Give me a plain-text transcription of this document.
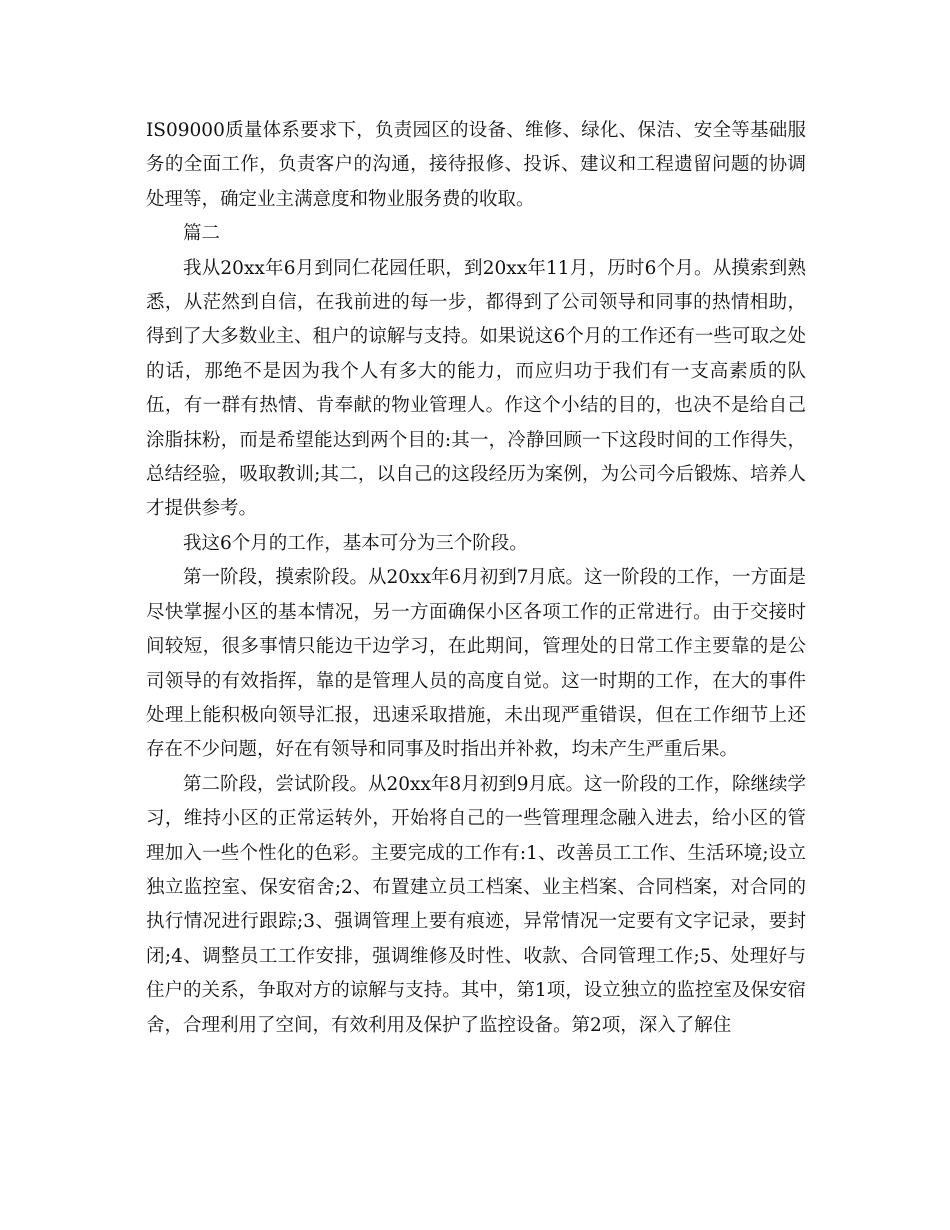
IS09000质量体系要求下，负责园区的设备、维修、绿化、保洁、安全等基础服务的全面工作，负责客户的沟通，接待报修、投诉、建议和工程遗留问题的协调处理等，确定业主满意度和物业服务费的收取。

篇二

我从20xx年6月到同仁花园任职，到20xx年11月，历时6个月。从摸索到熟悉，从茫然到自信，在我前进的每一步，都得到了公司领导和同事的热情相助，得到了大多数业主、租户的谅解与支持。如果说这6个月的工作还有一些可取之处的话，那绝不是因为我个人有多大的能力，而应归功于我们有一支高素质的队伍，有一群有热情、肯奉献的物业管理人。作这个小结的目的，也决不是给自己涂脂抹粉，而是希望能达到两个目的:其一，冷静回顾一下这段时间的工作得失，总结经验，吸取教训;其二，以自己的这段经历为案例，为公司今后锻炼、培养人才提供参考。

我这6个月的工作，基本可分为三个阶段。

第一阶段，摸索阶段。从20xx年6月初到7月底。这一阶段的工作，一方面是尽快掌握小区的基本情况，另一方面确保小区各项工作的正常进行。由于交接时间较短，很多事情只能边干边学习，在此期间，管理处的日常工作主要靠的是公司领导的有效指挥，靠的是管理人员的高度自觉。这一时期的工作，在大的事件处理上能积极向领导汇报，迅速采取措施，未出现严重错误，但在工作细节上还存在不少问题，好在有领导和同事及时指出并补救，均未产生严重后果。

第二阶段，尝试阶段。从20xx年8月初到9月底。这一阶段的工作，除继续学习，维持小区的正常运转外，开始将自己的一些管理理念融入进去，给小区的管理加入一些个性化的色彩。主要完成的工作有:1、改善员工工作、生活环境;设立独立监控室、保安宿舍;2、布置建立员工档案、业主档案、合同档案，对合同的执行情况进行跟踪;3、强调管理上要有痕迹，异常情况一定要有文字记录，要封闭;4、调整员工工作安排，强调维修及时性、收款、合同管理工作;5、处理好与住户的关系，争取对方的谅解与支持。其中，第1项，设立独立的监控室及保安宿舍，合理利用了空间，有效利用及保护了监控设备。第2项，深入了解住
